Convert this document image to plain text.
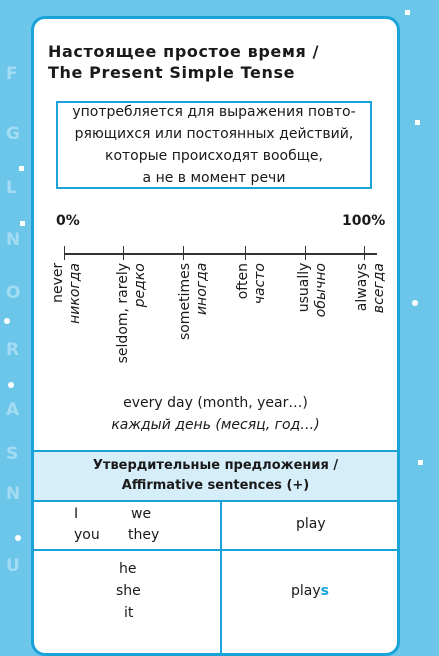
F
G
L
N
O
R
A
S
N
U
Настоящее простое время /
The Present Simple Tense
употребляется для выражения повто-
ряющихся или постоянных действий,
которые происходят вообще,
а не в момент речи
0%	100%
never
никогда seldom, rarely
редко sometimes
иногда often
часто usually
обычно always
всегда
every day (month, year…)
каждый день (месяц, год…)
Утвердительные предложения /
Affirmative sentences (+)
I	we
you they
play
he
she
it
plays
